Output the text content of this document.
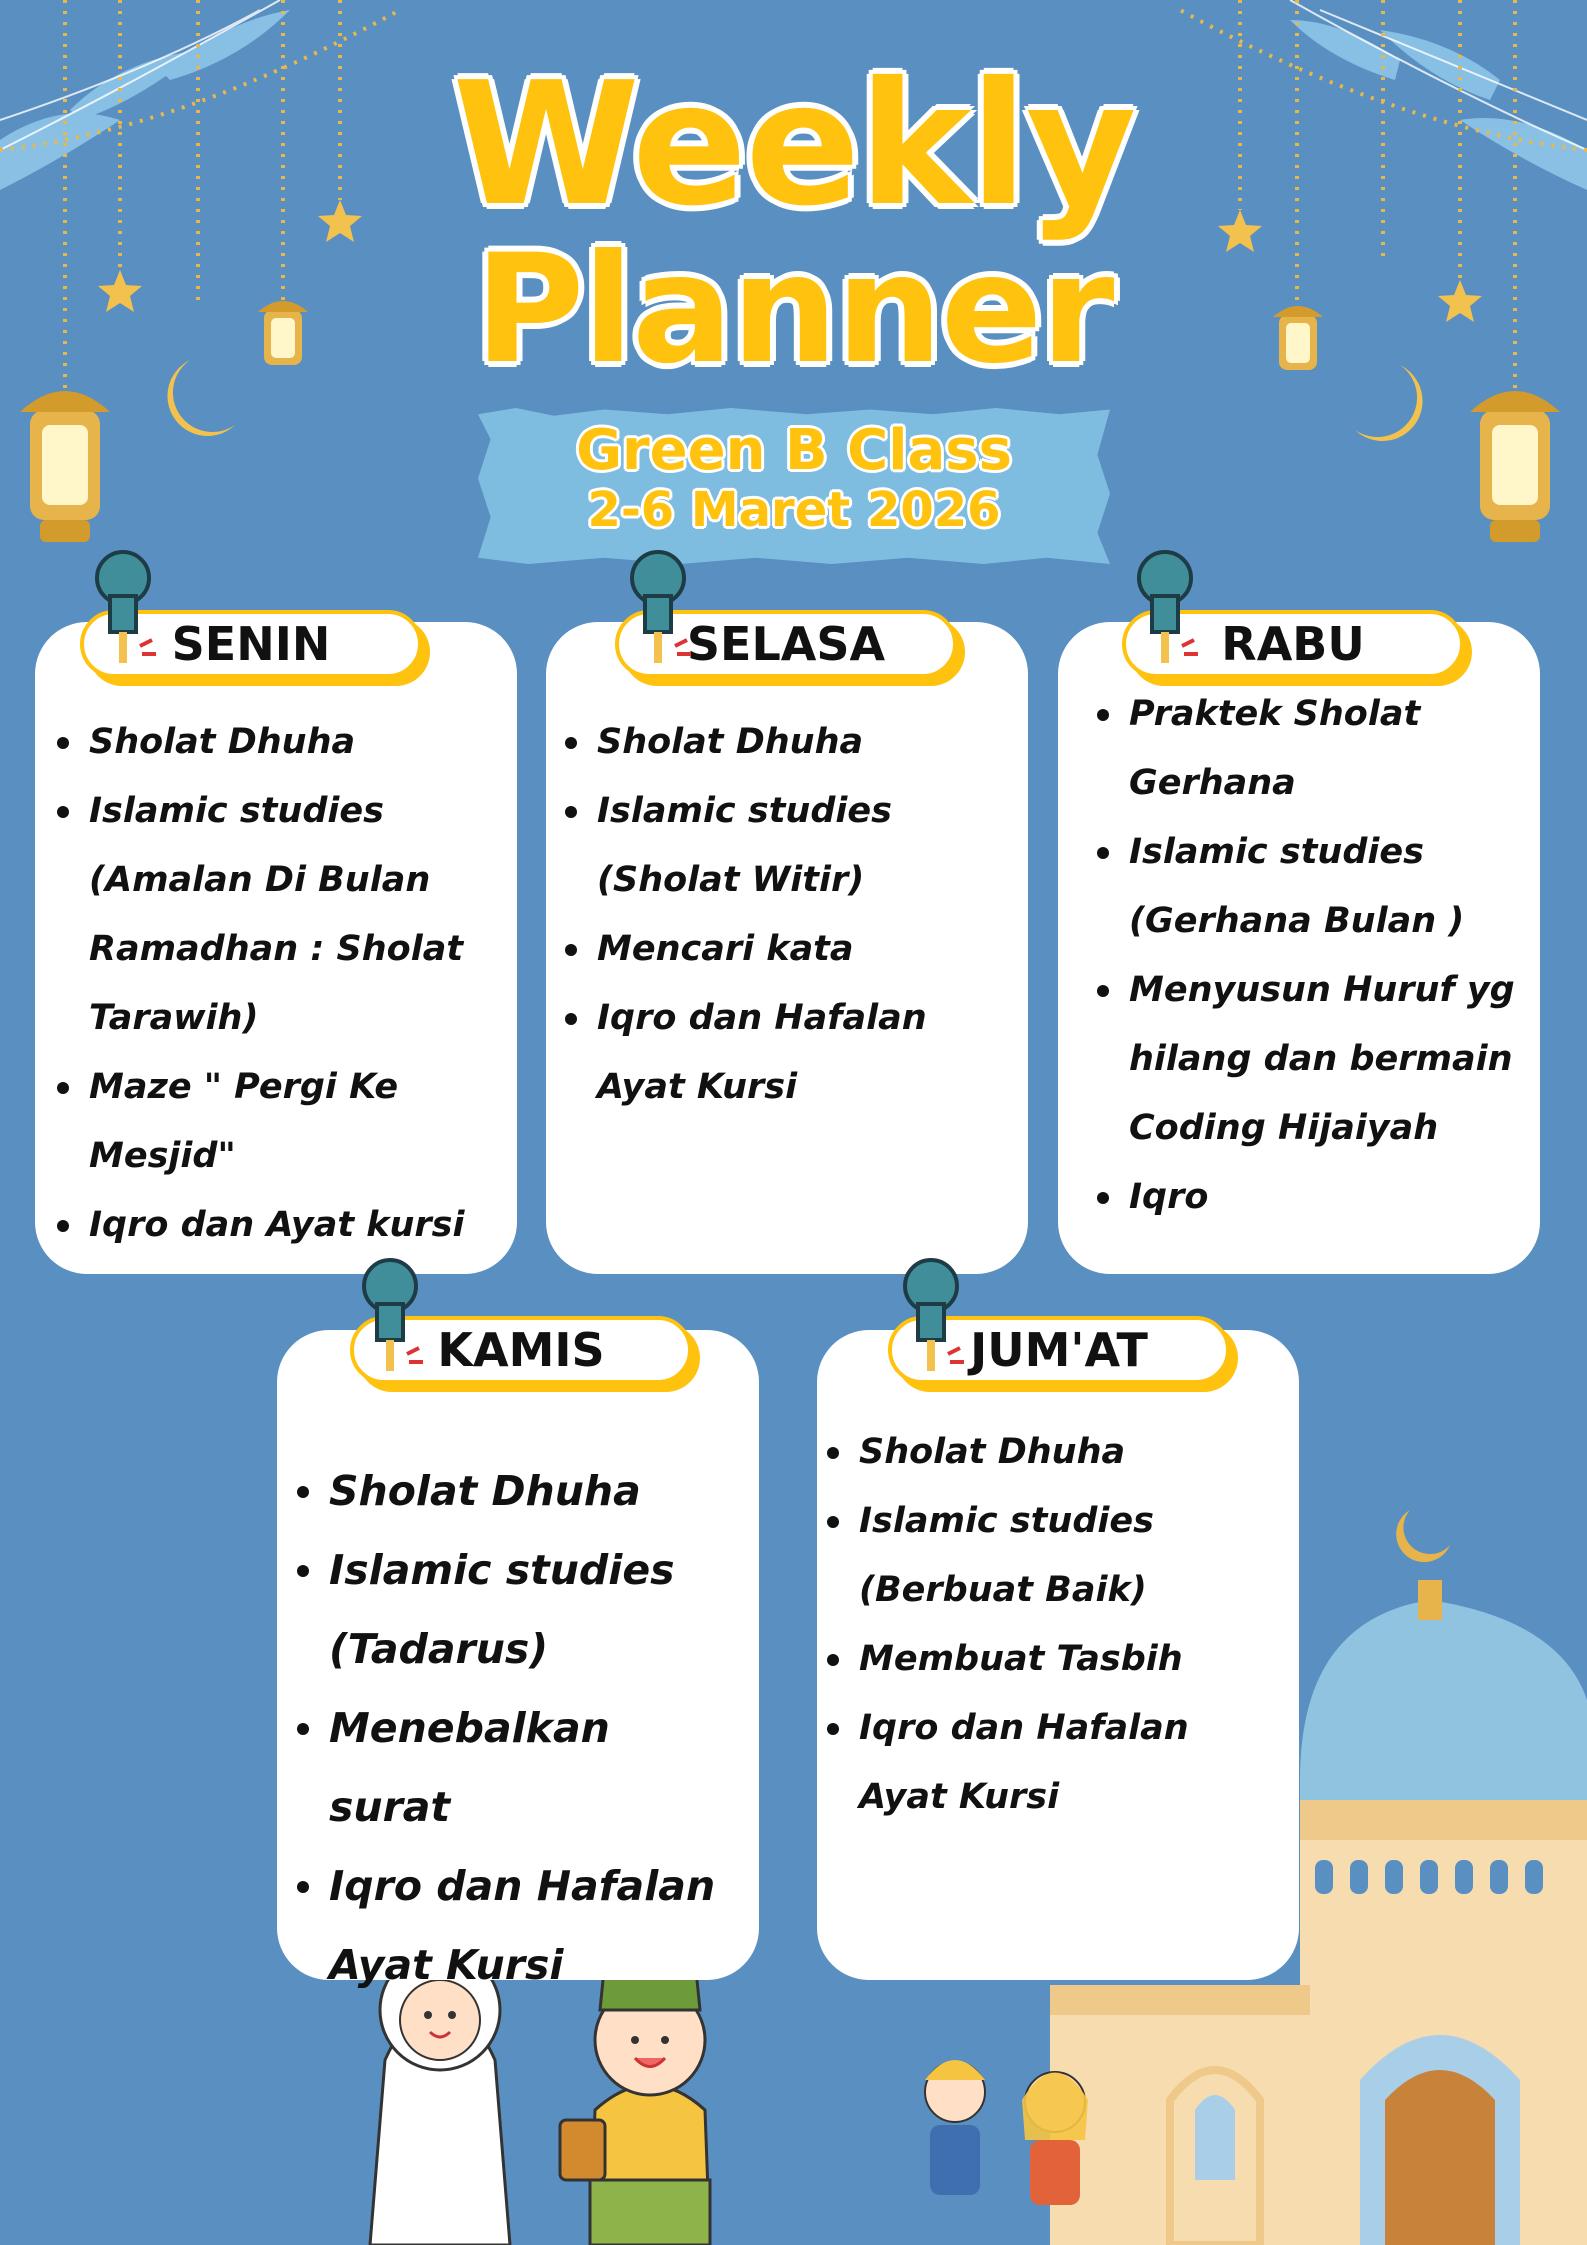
Weekly
Planner
Green B Class
2-6 Maret 2026
SENIN
Sholat Dhuha
Islamic studies (Amalan Di Bulan Ramadhan : Sholat Tarawih)
Maze " Pergi Ke Mesjid"
Iqro dan Ayat kursi
SELASA
Sholat Dhuha
Islamic studies (Sholat Witir)
Mencari kata
Iqro dan Hafalan Ayat Kursi
RABU
Praktek Sholat Gerhana
Islamic studies (Gerhana Bulan )
Menyusun Huruf yg hilang dan bermain Coding Hijaiyah
Iqro
KAMIS
Sholat Dhuha
Islamic studies (Tadarus)
Menebalkan surat
Iqro dan Hafalan Ayat Kursi
JUM'AT
Sholat Dhuha
Islamic studies (Berbuat Baik)
Membuat Tasbih
Iqro dan Hafalan Ayat Kursi
